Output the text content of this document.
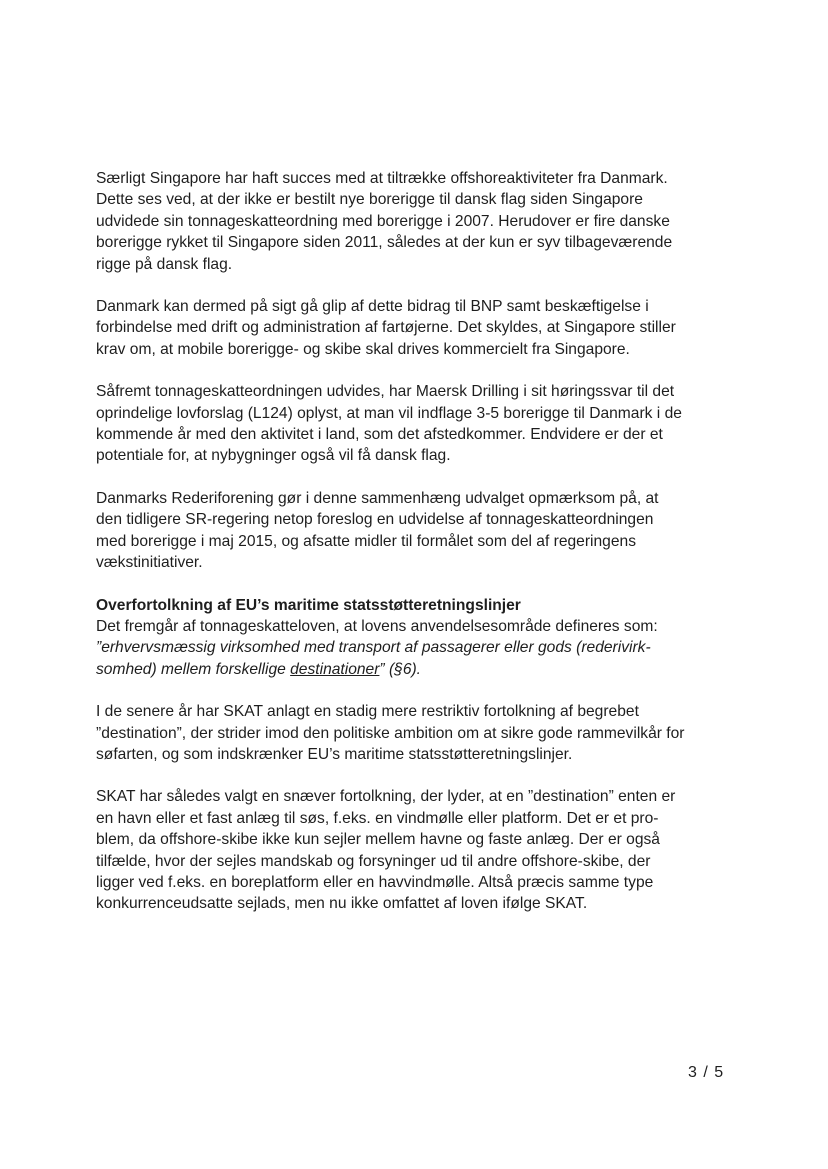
Særligt Singapore har haft succes med at tiltrække offshoreaktiviteter fra Danmark.
Dette ses ved, at der ikke er bestilt nye borerigge til dansk flag siden Singapore
udvidede sin tonnageskatteordning med borerigge i 2007. Herudover er fire danske
borerigge rykket til Singapore siden 2011, således at der kun er syv tilbageværende
rigge på dansk flag.

Danmark kan dermed på sigt gå glip af dette bidrag til BNP samt beskæftigelse i
forbindelse med drift og administration af fartøjerne. Det skyldes, at Singapore stiller
krav om, at mobile borerigge- og skibe skal drives kommercielt fra Singapore.

Såfremt tonnageskatteordningen udvides, har Maersk Drilling i sit høringssvar til det
oprindelige lovforslag (L124) oplyst, at man vil indflage 3-5 borerigge til Danmark i de
kommende år med den aktivitet i land, som det afstedkommer. Endvidere er der et
potentiale for, at nybygninger også vil få dansk flag.

Danmarks Rederiforening gør i denne sammenhæng udvalget opmærksom på, at
den tidligere SR-regering netop foreslog en udvidelse af tonnageskatteordningen
med borerigge i maj 2015, og afsatte midler til formålet som del af regeringens
vækstinitiativer.

Overfortolkning af EU’s maritime statsstøtteretningslinjer
Det fremgår af tonnageskatteloven, at lovens anvendelsesområde defineres som:
”erhvervsmæssig virksomhed med transport af passagerer eller gods (rederivirk-
somhed) mellem forskellige destinationer” (§6).

I de senere år har SKAT anlagt en stadig mere restriktiv fortolkning af begrebet
”destination”, der strider imod den politiske ambition om at sikre gode rammevilkår for
søfarten, og som indskrænker EU’s maritime statsstøtteretningslinjer.

SKAT har således valgt en snæver fortolkning, der lyder, at en ”destination” enten er
en havn eller et fast anlæg til søs, f.eks. en vindmølle eller platform. Det er et pro-
blem, da offshore-skibe ikke kun sejler mellem havne og faste anlæg. Der er også
tilfælde, hvor der sejles mandskab og forsyninger ud til andre offshore-skibe, der
ligger ved f.eks. en boreplatform eller en havvindmølle. Altså præcis samme type
konkurrenceudsatte sejlads, men nu ikke omfattet af loven ifølge SKAT.

3 / 5
